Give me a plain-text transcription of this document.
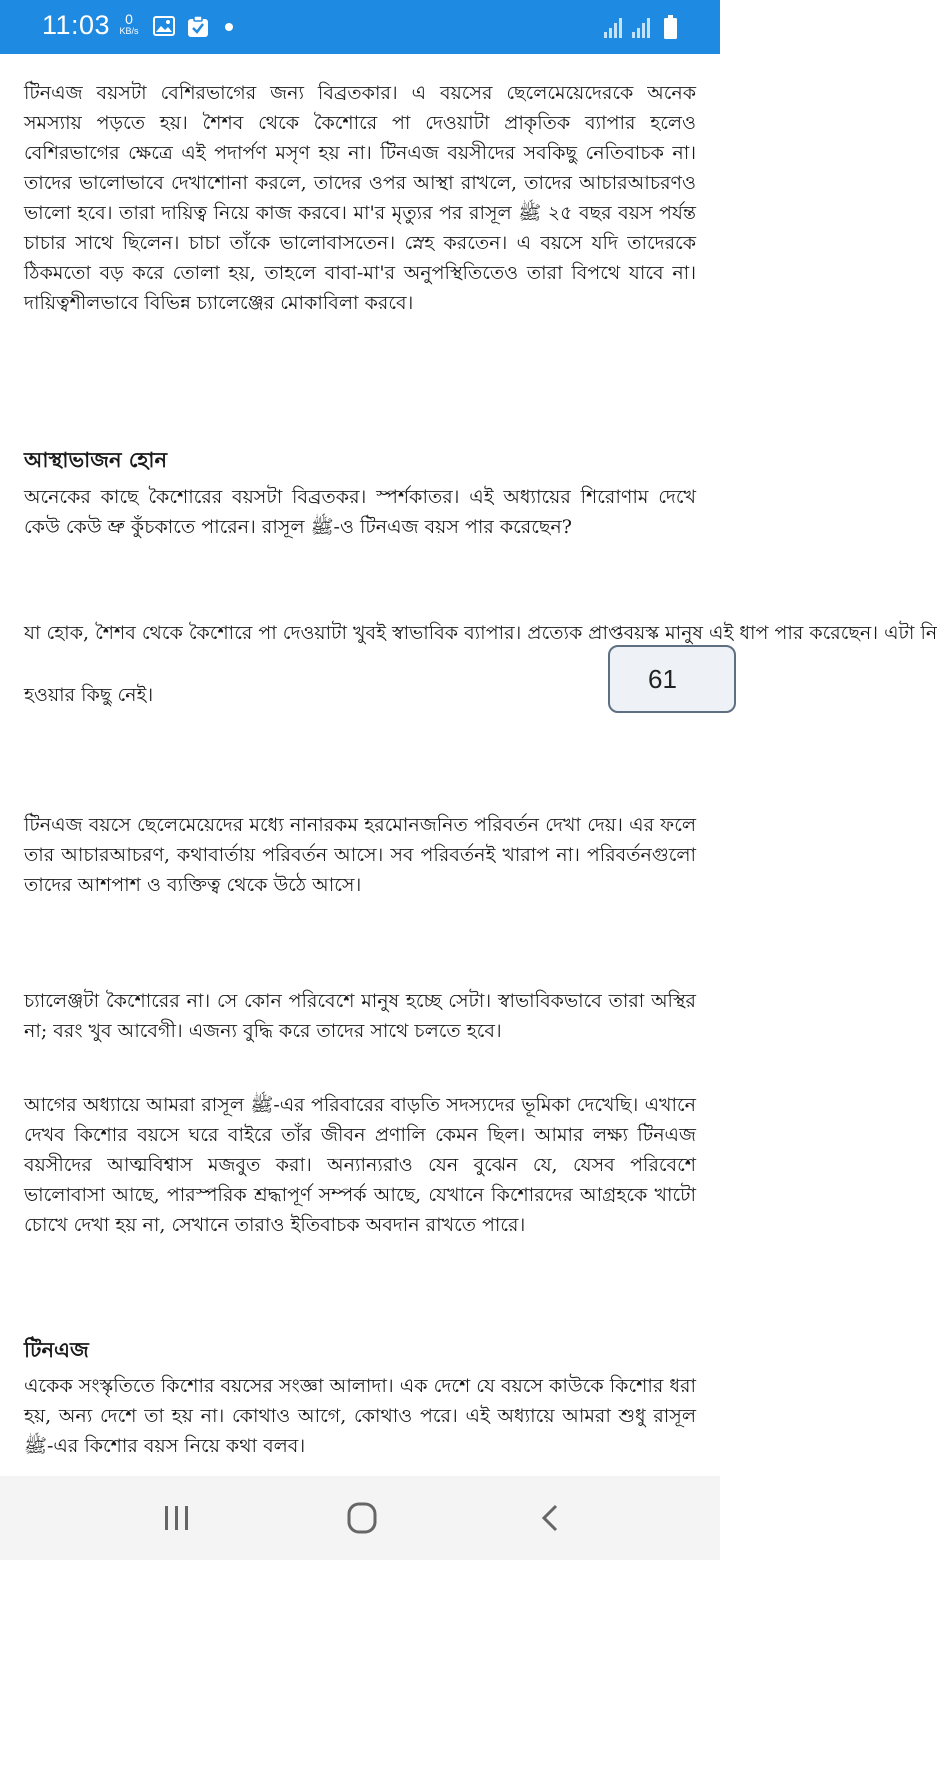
11:03	0
KB/s

টিনএজ বয়সটা বেশিরভাগের জন্য বিব্রতকার। এ বয়সের ছেলেমেয়েদেরকে অনেক সমস্যায় পড়তে হয়। শৈশব থেকে কৈশোরে পা দেওয়াটা প্রাকৃতিক ব্যাপার হলেও বেশিরভাগের ক্ষেত্রে এই পদার্পণ মসৃণ হয় না। টিনএজ বয়সীদের সবকিছু নেতিবাচক না। তাদের ভালোভাবে দেখাশোনা করলে, তাদের ওপর আস্থা রাখলে, তাদের আচারআচরণও ভালো হবে। তারা দায়িত্ব নিয়ে কাজ করবে। মা'র মৃত্যুর পর রাসূল ﷺ ২৫ বছর বয়স পর্যন্ত চাচার সাথে ছিলেন। চাচা তাঁকে ভালোবাসতেন। স্নেহ করতেন। এ বয়সে যদি তাদেরকে ঠিকমতো বড় করে তোলা হয়, তাহলে বাবা-মা'র অনুপস্থিতিতেও তারা বিপথে যাবে না। দায়িত্বশীলভাবে বিভিন্ন চ্যালেঞ্জের মোকাবিলা করবে।

আস্থাভাজন হোন

অনেকের কাছে কৈশোরের বয়সটা বিব্রতকর। স্পর্শকাতর। এই অধ্যায়ের শিরোণাম দেখে কেউ কেউ ভ্রু কুঁচকাতে পারেন। রাসূল ﷺ-ও টিনএজ বয়স পার করেছেন?

যা হোক, শৈশব থেকে কৈশোরে পা দেওয়াটা খুবই স্বাভাবিক ব্যাপার। প্রত্যেক প্রাপ্তবয়স্ক মানুষ এই ধাপ পার করেছেন। এটা নি

হওয়ার কিছু নেই।

টিনএজ বয়সে ছেলেমেয়েদের মধ্যে নানারকম হরমোনজনিত পরিবর্তন দেখা দেয়। এর ফলে তার আচারআচরণ, কথাবার্তায় পরিবর্তন আসে। সব পরিবর্তনই খারাপ না। পরিবর্তনগুলো তাদের আশপাশ ও ব্যক্তিত্ব থেকে উঠে আসে।

চ্যালেঞ্জটা কৈশোরের না। সে কোন পরিবেশে মানুষ হচ্ছে সেটা। স্বাভাবিকভাবে তারা অস্থির না; বরং খুব আবেগী। এজন্য বুদ্ধি করে তাদের সাথে চলতে হবে।

আগের অধ্যায়ে আমরা রাসূল ﷺ-এর পরিবারের বাড়তি সদস্যদের ভূমিকা দেখেছি। এখানে দেখব কিশোর বয়সে ঘরে বাইরে তাঁর জীবন প্রণালি কেমন ছিল। আমার লক্ষ্য টিনএজ বয়সীদের আত্মবিশ্বাস মজবুত করা। অন্যান্যরাও যেন বুঝেন যে, যেসব পরিবেশে ভালোবাসা আছে, পারস্পরিক শ্রদ্ধাপূর্ণ সম্পর্ক আছে, যেখানে কিশোরদের আগ্রহকে খাটো চোখে দেখা হয় না, সেখানে তারাও ইতিবাচক অবদান রাখতে পারে।

টিনএজ

একেক সংস্কৃতিতে কিশোর বয়সের সংজ্ঞা আলাদা। এক দেশে যে বয়সে কাউকে কিশোর ধরা হয়, অন্য দেশে তা হয় না। কোথাও আগে, কোথাও পরে। এই অধ্যায়ে আমরা শুধু রাসূল ﷺ-এর কিশোর বয়স নিয়ে কথা বলব।

61
